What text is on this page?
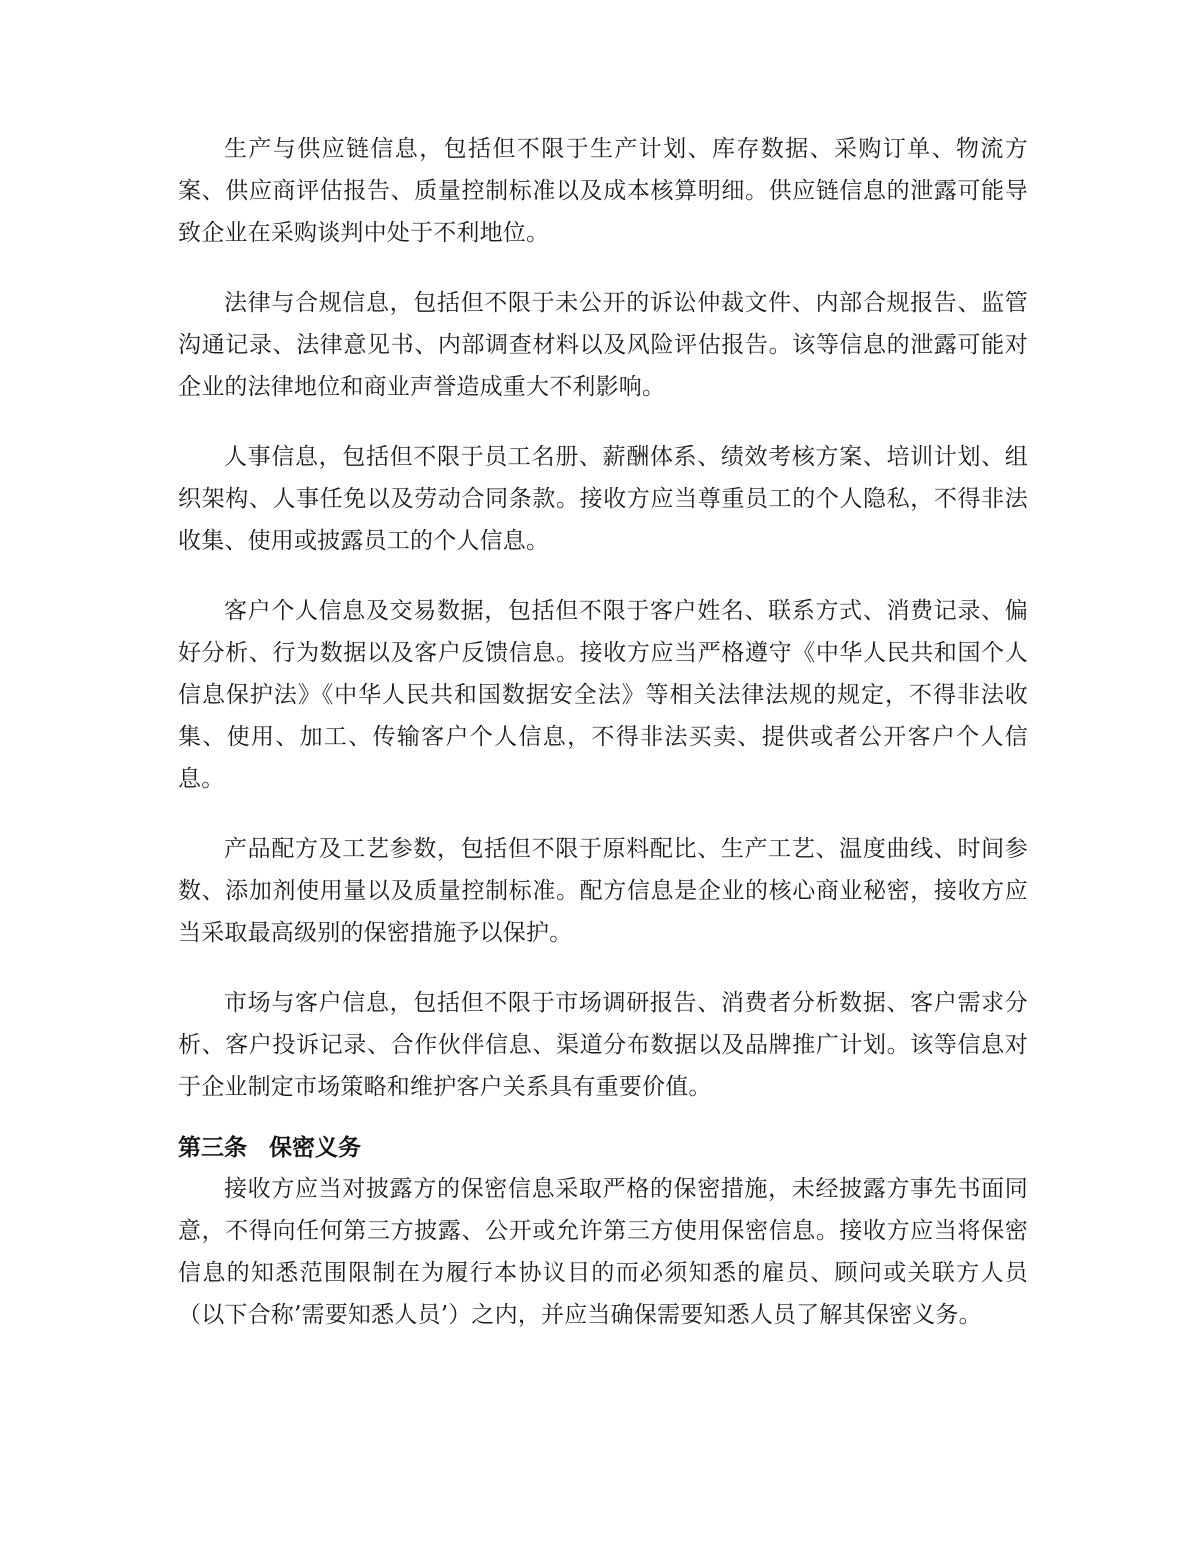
生产与供应链信息，包括但不限于生产计划、库存数据、采购订单、物流方案、供应商评估报告、质量控制标准以及成本核算明细。供应链信息的泄露可能导致企业在采购谈判中处于不利地位。

法律与合规信息，包括但不限于未公开的诉讼仲裁文件、内部合规报告、监管沟通记录、法律意见书、内部调查材料以及风险评估报告。该等信息的泄露可能对企业的法律地位和商业声誉造成重大不利影响。

人事信息，包括但不限于员工名册、薪酬体系、绩效考核方案、培训计划、组织架构、人事任免以及劳动合同条款。接收方应当尊重员工的个人隐私，不得非法收集、使用或披露员工的个人信息。

客户个人信息及交易数据，包括但不限于客户姓名、联系方式、消费记录、偏好分析、行为数据以及客户反馈信息。接收方应当严格遵守《中华人民共和国个人信息保护法》《中华人民共和国数据安全法》等相关法律法规的规定，不得非法收集、使用、加工、传输客户个人信息，不得非法买卖、提供或者公开客户个人信息。

产品配方及工艺参数，包括但不限于原料配比、生产工艺、温度曲线、时间参数、添加剂使用量以及质量控制标准。配方信息是企业的核心商业秘密，接收方应当采取最高级别的保密措施予以保护。

市场与客户信息，包括但不限于市场调研报告、消费者分析数据、客户需求分析、客户投诉记录、合作伙伴信息、渠道分布数据以及品牌推广计划。该等信息对于企业制定市场策略和维护客户关系具有重要价值。

第三条 保密义务

接收方应当对披露方的保密信息采取严格的保密措施，未经披露方事先书面同意，不得向任何第三方披露、公开或允许第三方使用保密信息。接收方应当将保密信息的知悉范围限制在为履行本协议目的而必须知悉的雇员、顾问或关联方人员（以下合称’需要知悉人员’）之内，并应当确保需要知悉人员了解其保密义务。
